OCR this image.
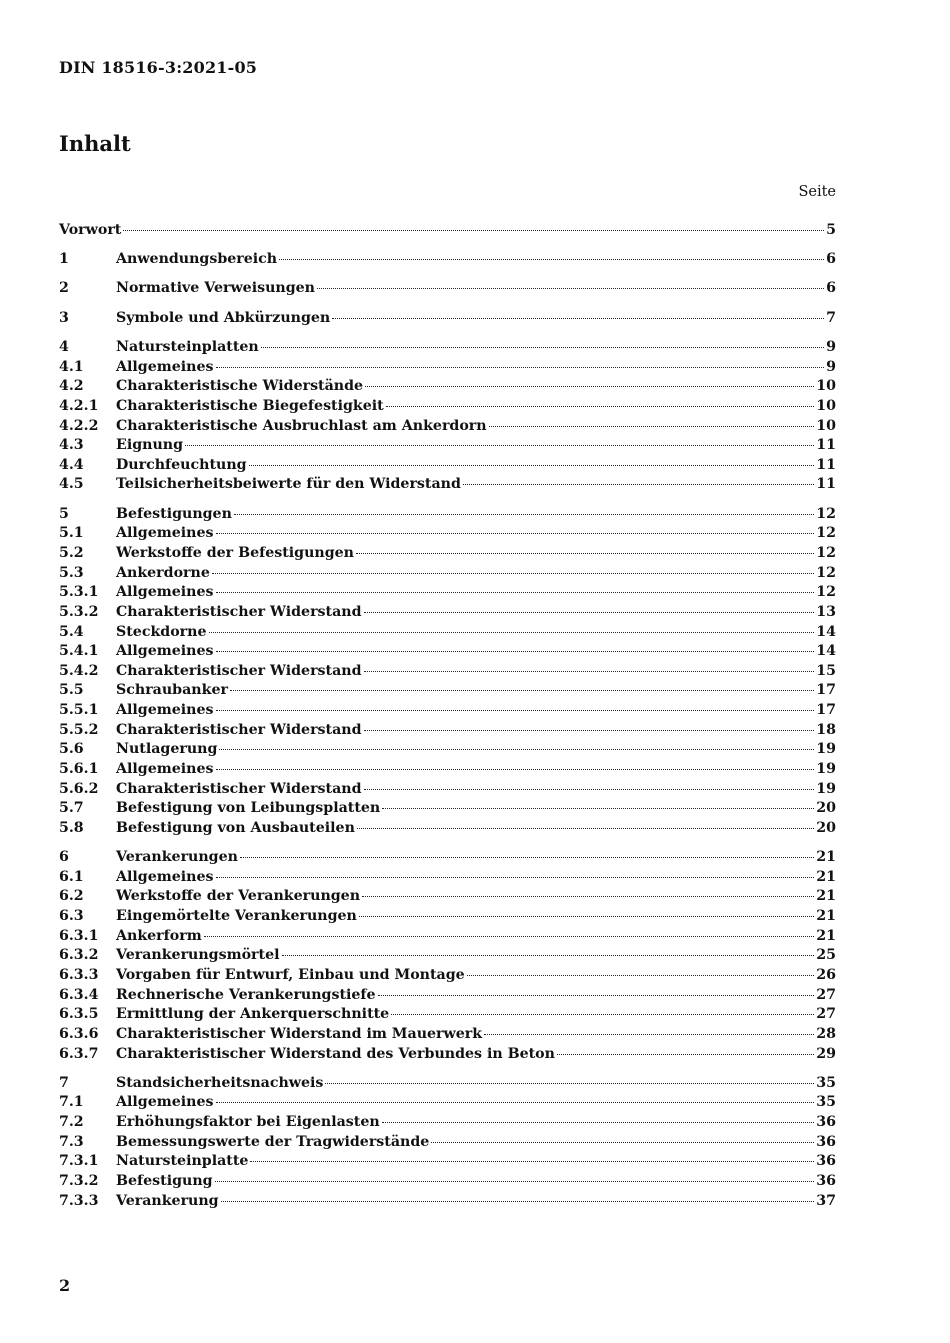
DIN 18516-3:2021-05
Inhalt
Seite
Vorwort	5
1	Anwendungsbereich	6
2	Normative Verweisungen	6
3	Symbole und Abkürzungen	7
4	Natursteinplatten	9
4.1	Allgemeines	9
4.2	Charakteristische Widerstände	10
4.2.1	Charakteristische Biegefestigkeit	10
4.2.2	Charakteristische Ausbruchlast am Ankerdorn	10
4.3	Eignung	11
4.4	Durchfeuchtung	11
4.5	Teilsicherheitsbeiwerte für den Widerstand	11
5	Befestigungen	12
5.1	Allgemeines	12
5.2	Werkstoffe der Befestigungen	12
5.3	Ankerdorne	12
5.3.1	Allgemeines	12
5.3.2	Charakteristischer Widerstand	13
5.4	Steckdorne	14
5.4.1	Allgemeines	14
5.4.2	Charakteristischer Widerstand	15
5.5	Schraubanker	17
5.5.1	Allgemeines	17
5.5.2	Charakteristischer Widerstand	18
5.6	Nutlagerung	19
5.6.1	Allgemeines	19
5.6.2	Charakteristischer Widerstand	19
5.7	Befestigung von Leibungsplatten	20
5.8	Befestigung von Ausbauteilen	20
6	Verankerungen	21
6.1	Allgemeines	21
6.2	Werkstoffe der Verankerungen	21
6.3	Eingemörtelte Verankerungen	21
6.3.1	Ankerform	21
6.3.2	Verankerungsmörtel	25
6.3.3	Vorgaben für Entwurf, Einbau und Montage	26
6.3.4	Rechnerische Verankerungstiefe	27
6.3.5	Ermittlung der Ankerquerschnitte	27
6.3.6	Charakteristischer Widerstand im Mauerwerk	28
6.3.7	Charakteristischer Widerstand des Verbundes in Beton	29
7	Standsicherheitsnachweis	35
7.1	Allgemeines	35
7.2	Erhöhungsfaktor bei Eigenlasten	36
7.3	Bemessungswerte der Tragwiderstände	36
7.3.1	Natursteinplatte	36
7.3.2	Befestigung	36
7.3.3	Verankerung	37
2
